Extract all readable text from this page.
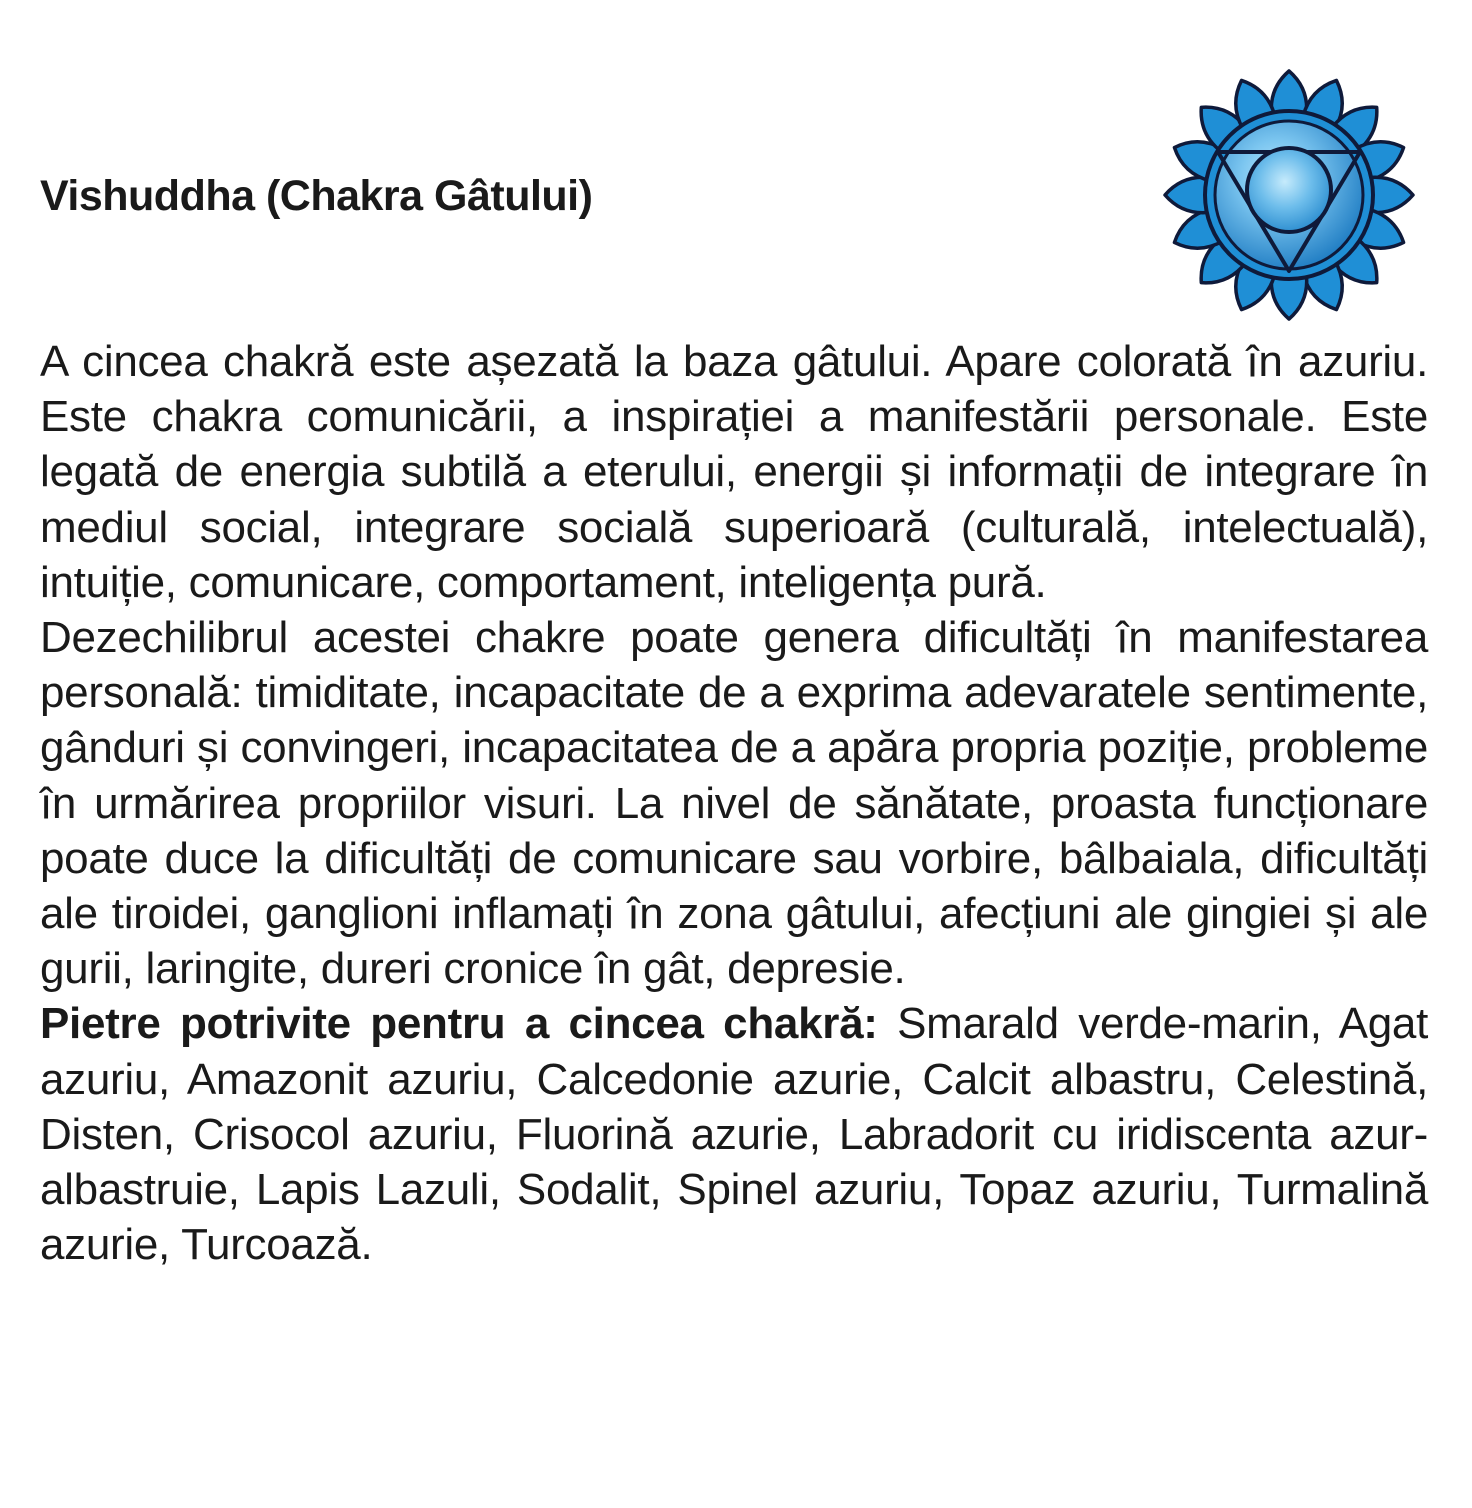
Vishuddha (Chakra Gâtului)

A cincea chakră este așezată la baza gâtului. Apare colorată în azuriu. Este chakra comunicării, a inspirației a manifestării personale. Este legată de energia subtilă a eterului, energii și informații de integrare în mediul social, integrare socială superioară (culturală, intelectuală), intuiție, comunicare, comportament, inteligența pură.

Dezechilibrul acestei chakre poate genera dificultăți în manifestarea personală: timiditate, incapacitate de a exprima adevaratele sentimente, gânduri și convingeri, incapacitatea de a apăra propria poziție, probleme în urmărirea propriilor visuri. La nivel de sănătate, proasta funcționare poate duce la dificultăți de comunicare sau vorbire, bâlbaiala, dificultăți ale tiroidei, ganglioni inflamați în zona gâtului, afecțiuni ale gingiei și ale gurii, laringite, dureri cronice în gât, depresie.

Pietre potrivite pentru a cincea chakră: Smarald verde-marin, Agat azuriu, Amazonit azuriu, Calcedonie azurie, Calcit albastru, Celestină, Disten, Crisocol azuriu, Fluorină azurie, Labradorit cu iridiscenta azur-albastruie, Lapis Lazuli, Sodalit, Spinel azuriu, Topaz azuriu, Turmalină azurie, Turcoază.
